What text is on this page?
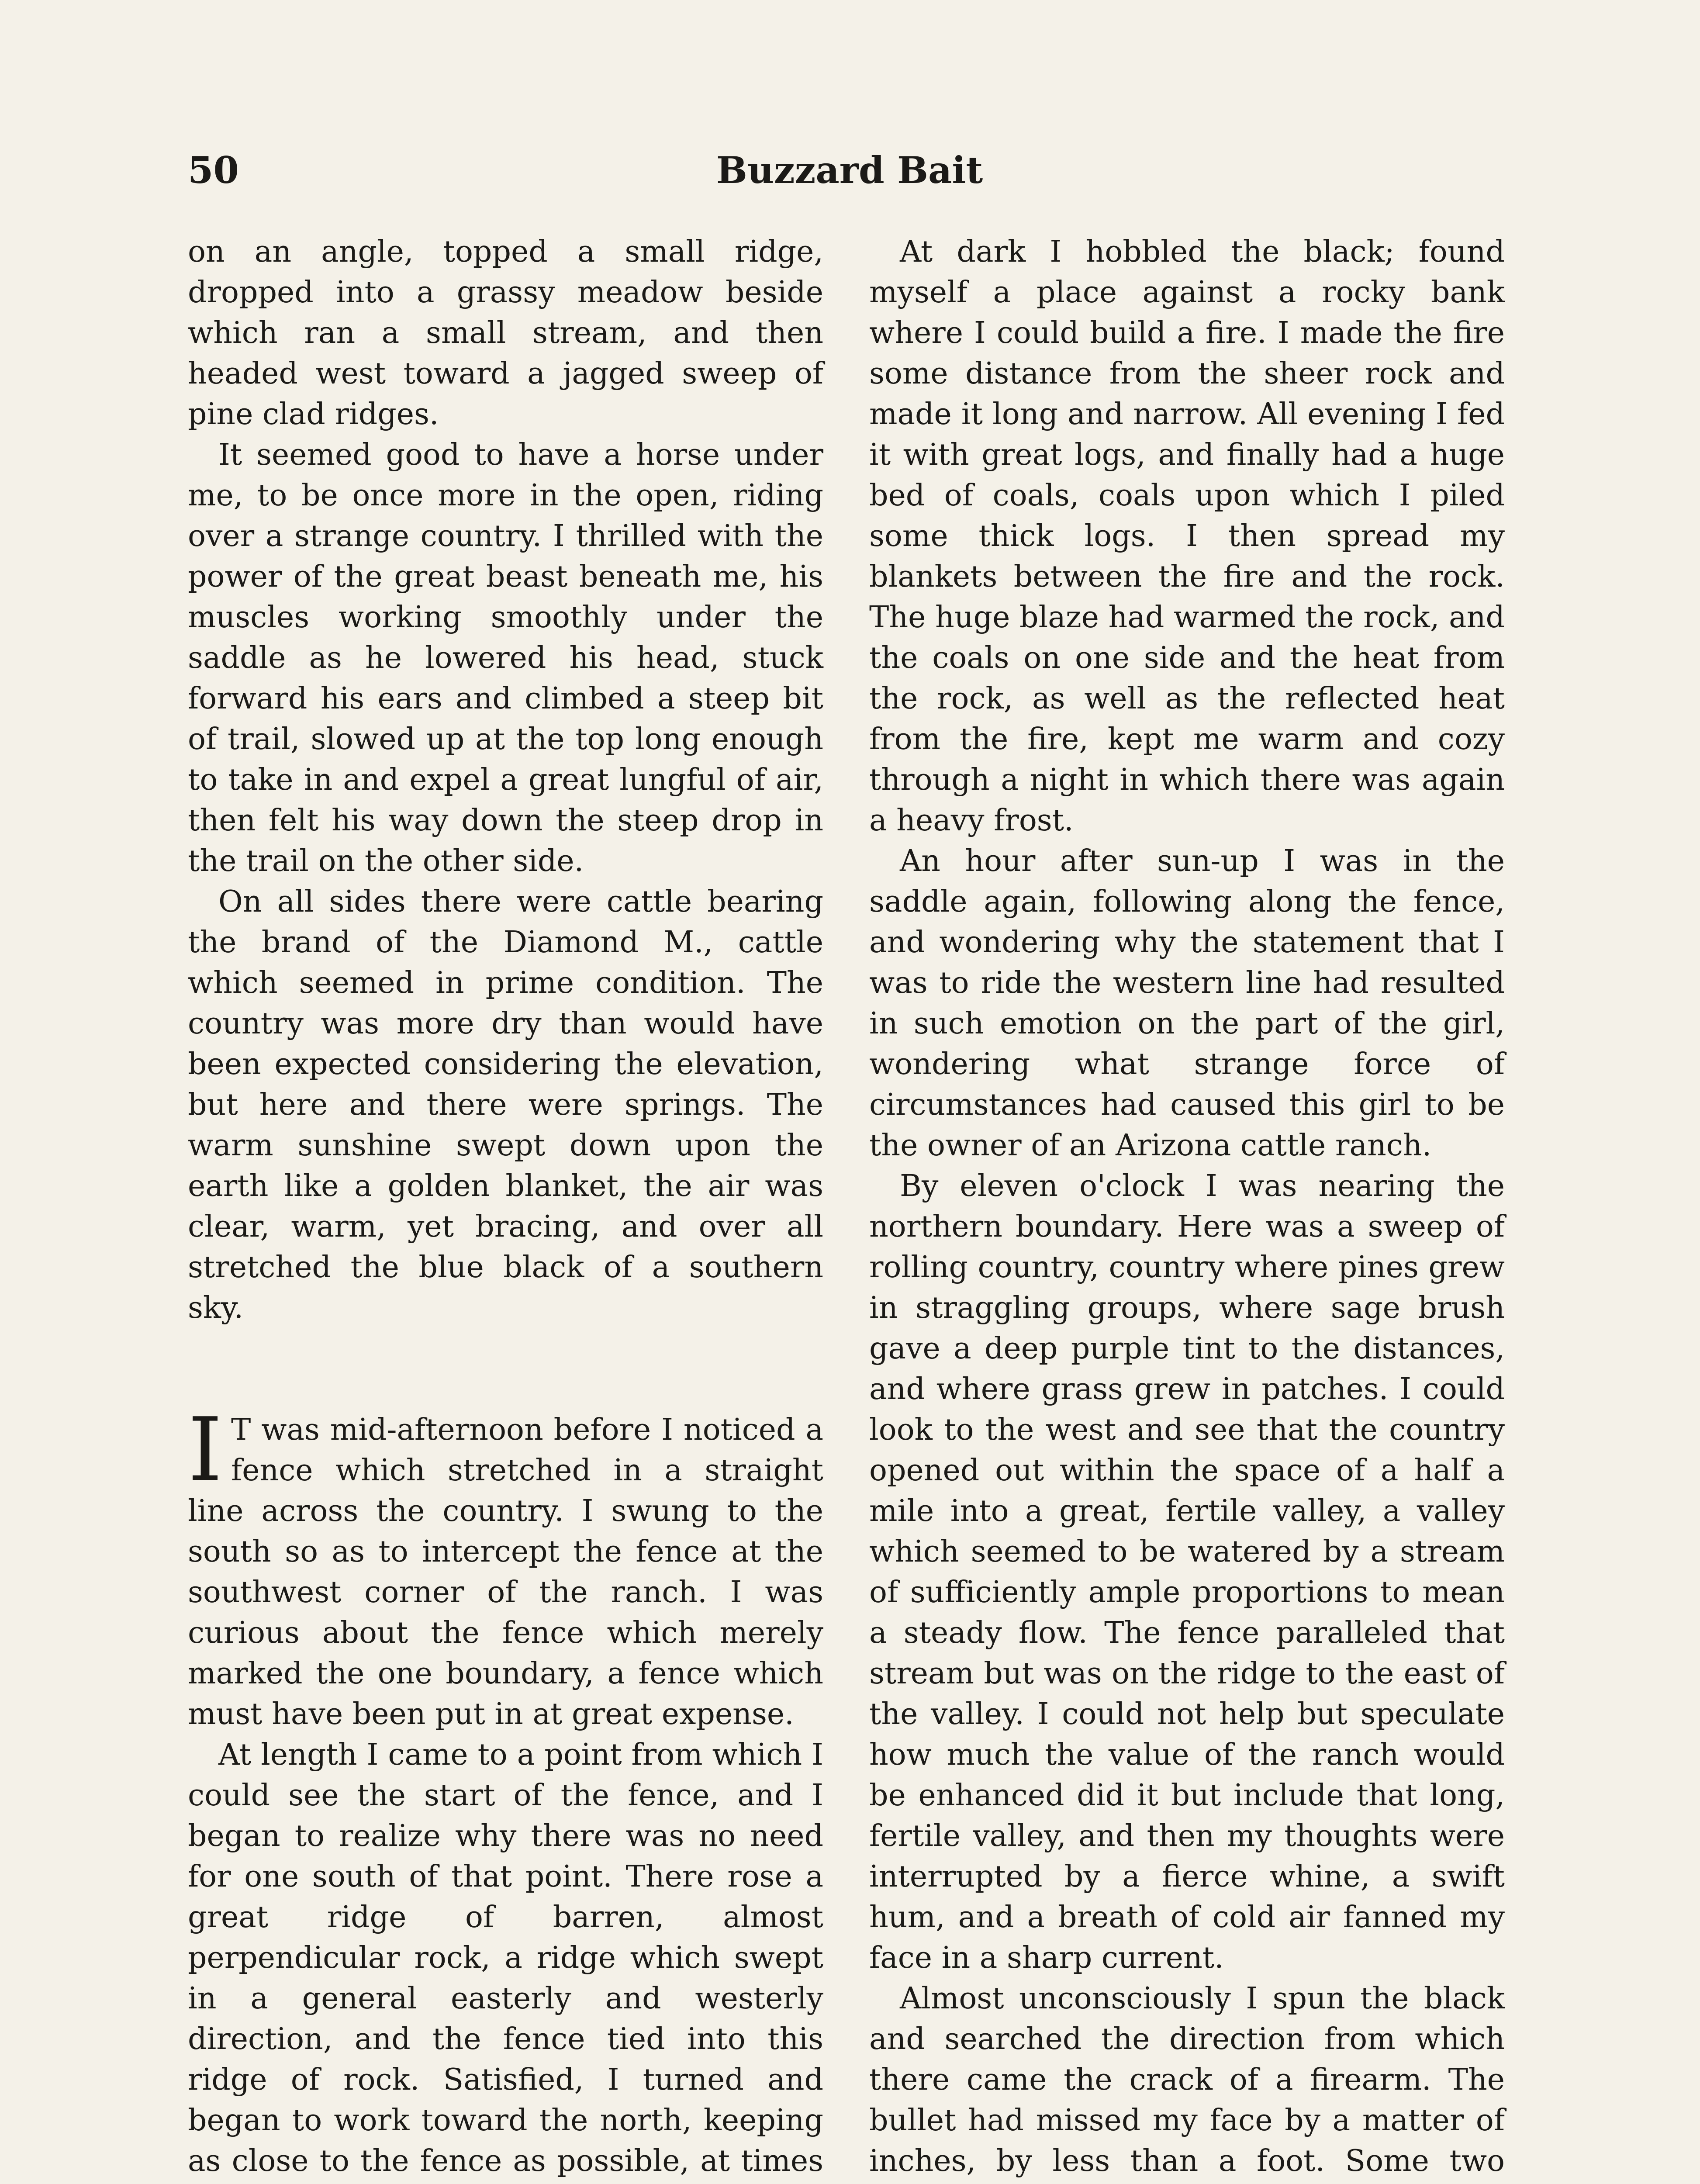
50	Buzzard Bait

on an angle, topped a small ridge, dropped into a grassy meadow beside which ran a small stream, and then headed west toward a jagged sweep of pine clad ridges.

It seemed good to have a horse under me, to be once more in the open, riding over a strange country. I thrilled with the power of the great beast beneath me, his muscles working smoothly under the saddle as he lowered his head, stuck forward his ears and climbed a steep bit of trail, slowed up at the top long enough to take in and expel a great lungful of air, then felt his way down the steep drop in the trail on the other side.

On all sides there were cattle bearing the brand of the Diamond M., cattle which seemed in prime condition. The country was more dry than would have been expected considering the elevation, but here and there were springs. The warm sunshine swept down upon the earth like a golden blanket, the air was clear, warm, yet bracing, and over all stretched the blue black of a southern sky.

I T was mid-afternoon before I noticed a fence which stretched in a straight line across the country. I swung to the south so as to intercept the fence at the southwest corner of the ranch. I was curious about the fence which merely marked the one boundary, a fence which must have been put in at great expense.

At length I came to a point from which I could see the start of the fence, and I began to realize why there was no need for one south of that point. There rose a great ridge of barren, almost perpendicular rock, a ridge which swept in a general easterly and westerly direction, and the fence tied into this ridge of rock. Satisfied, I turned and began to work toward the north, keeping as close to the fence as possible, at times

At dark I hobbled the black; found myself a place against a rocky bank where I could build a fire. I made the fire some distance from the sheer rock and made it long and narrow. All evening I fed it with great logs, and finally had a huge bed of coals, coals upon which I piled some thick logs. I then spread my blankets between the fire and the rock. The huge blaze had warmed the rock, and the coals on one side and the heat from the rock, as well as the reflected heat from the fire, kept me warm and cozy through a night in which there was again a heavy frost.

An hour after sun-up I was in the saddle again, following along the fence, and wondering why the statement that I was to ride the western line had resulted in such emotion on the part of the girl, wondering what strange force of circumstances had caused this girl to be the owner of an Arizona cattle ranch.

By eleven o'clock I was nearing the northern boundary. Here was a sweep of rolling country, country where pines grew in straggling groups, where sage brush gave a deep purple tint to the distances, and where grass grew in patches. I could look to the west and see that the country opened out within the space of a half a mile into a great, fertile valley, a valley which seemed to be watered by a stream of sufficiently ample proportions to mean a steady flow. The fence paralleled that stream but was on the ridge to the east of the valley. I could not help but speculate how much the value of the ranch would be enhanced did it but include that long, fertile valley, and then my thoughts were interrupted by a fierce whine, a swift hum, and a breath of cold air fanned my face in a sharp current.

Almost unconsciously I spun the black and searched the direction from which there came the crack of a firearm. The bullet had missed my face by a matter of inches, by less than a foot. Some two
